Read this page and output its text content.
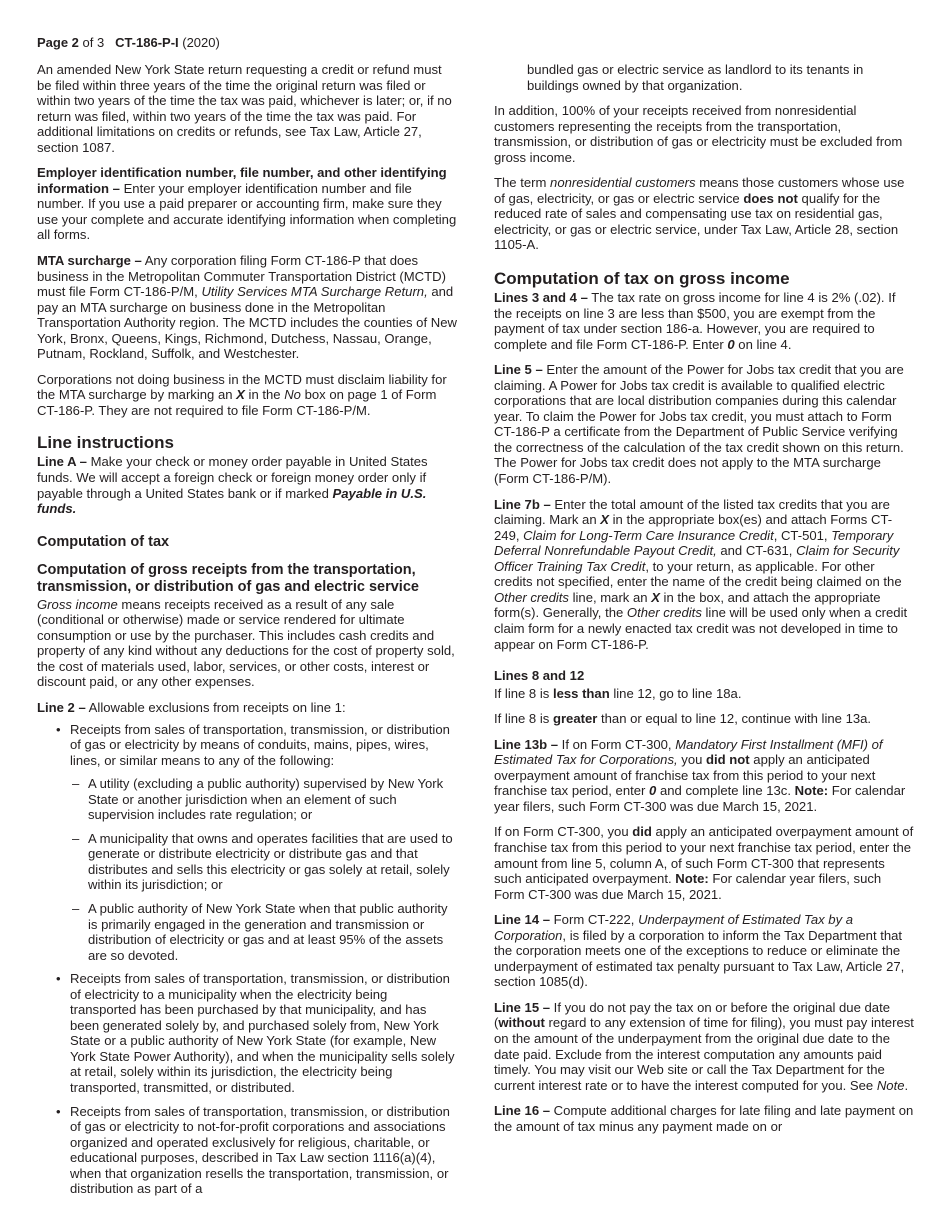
Page 2 of 3 CT-186-P-I (2020)

An amended New York State return requesting a credit or refund must be filed within three years of the time the original return was filed or within two years of the time the tax was paid, whichever is later; or, if no return was filed, within two years of the time the tax was paid. For additional limitations on credits or refunds, see Tax Law, Article 27, section 1087.

Employer identification number, file number, and other identifying information – Enter your employer identification number and file number. If you use a paid preparer or accounting firm, make sure they use your complete and accurate identifying information when completing all forms.

MTA surcharge – Any corporation filing Form CT-186-P that does business in the Metropolitan Commuter Transportation District (MCTD) must file Form CT-186-P/M, Utility Services MTA Surcharge Return, and pay an MTA surcharge on business done in the Metropolitan Transportation Authority region. The MCTD includes the counties of New York, Bronx, Queens, Kings, Richmond, Dutchess, Nassau, Orange, Putnam, Rockland, Suffolk, and Westchester.

Corporations not doing business in the MCTD must disclaim liability for the MTA surcharge by marking an X in the No box on page 1 of Form CT-186-P. They are not required to file Form CT-186-P/M.

Line instructions

Line A – Make your check or money order payable in United States funds. We will accept a foreign check or foreign money order only if payable through a United States bank or if marked Payable in U.S. funds.

Computation of tax
Computation of gross receipts from the transportation, transmission, or distribution of gas and electric service

Gross income means receipts received as a result of any sale (conditional or otherwise) made or service rendered for ultimate consumption or use by the purchaser. This includes cash credits and property of any kind without any deductions for the cost of property sold, the cost of materials used, labor, services, or other costs, interest or discount paid, or any other expenses.

Line 2 – Allowable exclusions from receipts on line 1:

• Receipts from sales of transportation, transmission, or distribution of gas or electricity by means of conduits, mains, pipes, wires, lines, or similar means to any of the following:
– A utility (excluding a public authority) supervised by New York State or another jurisdiction when an element of such supervision includes rate regulation; or
– A municipality that owns and operates facilities that are used to generate or distribute electricity or distribute gas and that distributes and sells this electricity or gas solely at retail, solely within its jurisdiction; or
– A public authority of New York State when that public authority is primarily engaged in the generation and transmission or distribution of electricity or gas and at least 95% of the assets are so devoted.
• Receipts from sales of transportation, transmission, or distribution of electricity to a municipality when the electricity being transported has been purchased by that municipality, and has been generated solely by, and purchased solely from, New York State or a public authority of New York State (for example, New York State Power Authority), and when the municipality sells solely at retail, solely within its jurisdiction, the electricity being transported, transmitted, or distributed.
• Receipts from sales of transportation, transmission, or distribution of gas or electricity to not-for-profit corporations and associations organized and operated exclusively for religious, charitable, or educational purposes, described in Tax Law section 1116(a)(4), when that organization resells the transportation, transmission, or distribution as part of a

bundled gas or electric service as landlord to its tenants in buildings owned by that organization.

In addition, 100% of your receipts received from nonresidential customers representing the receipts from the transportation, transmission, or distribution of gas or electricity must be excluded from gross income.

The term nonresidential customers means those customers whose use of gas, electricity, or gas or electric service does not qualify for the reduced rate of sales and compensating use tax on residential gas, electricity, or gas or electric service, under Tax Law, Article 28, section 1105-A.

Computation of tax on gross income

Lines 3 and 4 – The tax rate on gross income for line 4 is 2% (.02). If the receipts on line 3 are less than $500, you are exempt from the payment of tax under section 186-a. However, you are required to complete and file Form CT-186-P. Enter 0 on line 4.

Line 5 – Enter the amount of the Power for Jobs tax credit that you are claiming. A Power for Jobs tax credit is available to qualified electric corporations that are local distribution companies during this calendar year. To claim the Power for Jobs tax credit, you must attach to Form CT-186-P a certificate from the Department of Public Service verifying the correctness of the calculation of the tax credit shown on this return. The Power for Jobs tax credit does not apply to the MTA surcharge (Form CT-186-P/M).

Line 7b – Enter the total amount of the listed tax credits that you are claiming. Mark an X in the appropriate box(es) and attach Forms CT-249, Claim for Long-Term Care Insurance Credit, CT-501, Temporary Deferral Nonrefundable Payout Credit, and CT-631, Claim for Security Officer Training Tax Credit, to your return, as applicable. For other credits not specified, enter the name of the credit being claimed on the Other credits line, mark an X in the box, and attach the appropriate form(s). Generally, the Other credits line will be used only when a credit claim form for a newly enacted tax credit was not developed in time to appear on Form CT-186-P.

Lines 8 and 12

If line 8 is less than line 12, go to line 18a.

If line 8 is greater than or equal to line 12, continue with line 13a.

Line 13b – If on Form CT-300, Mandatory First Installment (MFI) of Estimated Tax for Corporations, you did not apply an anticipated overpayment amount of franchise tax from this period to your next franchise tax period, enter 0 and complete line 13c. Note: For calendar year filers, such Form CT-300 was due March 15, 2021.

If on Form CT-300, you did apply an anticipated overpayment amount of franchise tax from this period to your next franchise tax period, enter the amount from line 5, column A, of such Form CT-300 that represents such anticipated overpayment. Note: For calendar year filers, such Form CT-300 was due March 15, 2021.

Line 14 – Form CT-222, Underpayment of Estimated Tax by a Corporation, is filed by a corporation to inform the Tax Department that the corporation meets one of the exceptions to reduce or eliminate the underpayment of estimated tax penalty pursuant to Tax Law, Article 27, section 1085(d).

Line 15 – If you do not pay the tax on or before the original due date (without regard to any extension of time for filing), you must pay interest on the amount of the underpayment from the original due date to the date paid. Exclude from the interest computation any amounts paid timely. You may visit our Web site or call the Tax Department for the current interest rate or to have the interest computed for you. See Note.

Line 16 – Compute additional charges for late filing and late payment on the amount of tax minus any payment made on or
